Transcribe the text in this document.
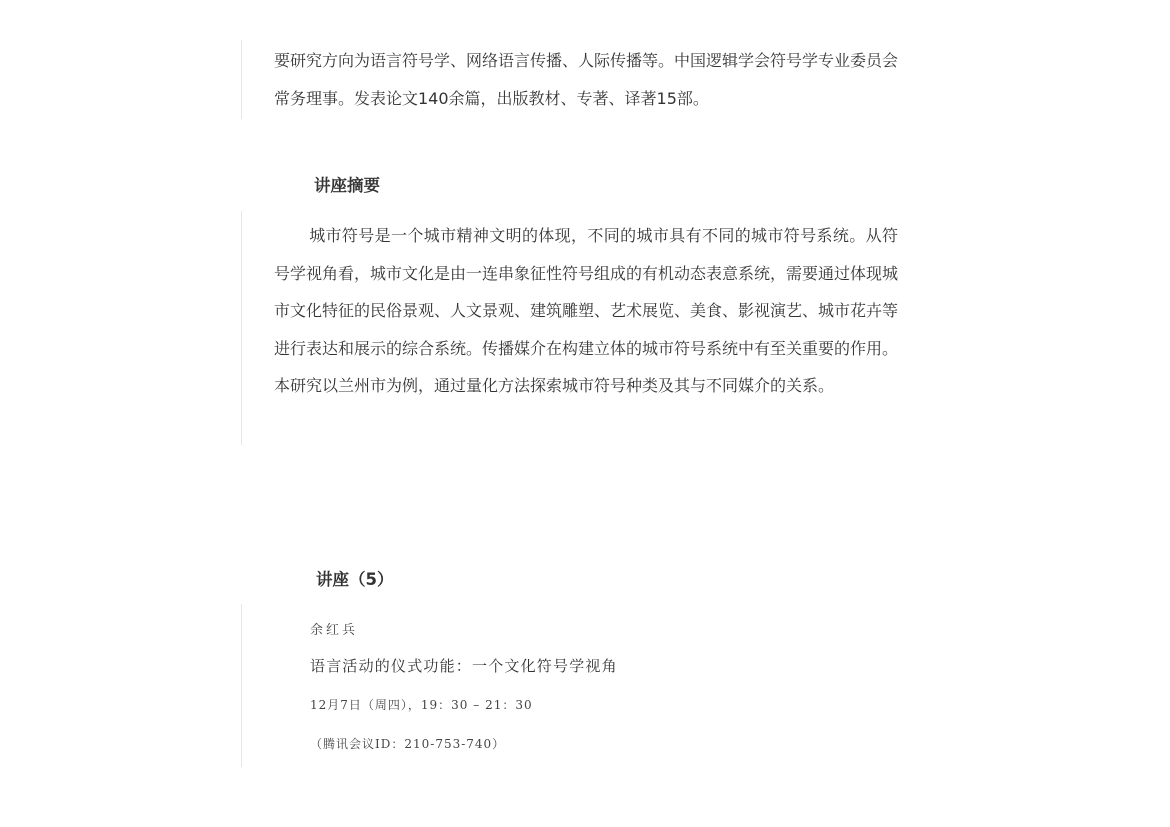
要研究方向为语言符号学、网络语言传播、人际传播等。中国逻辑学会符号学专业委员会常务理事。发表论文140余篇，出版教材、专著、译著15部。

讲座摘要

城市符号是一个城市精神文明的体现，不同的城市具有不同的城市符号系统。从符号学视角看，城市文化是由一连串象征性符号组成的有机动态表意系统，需要通过体现城市文化特征的民俗景观、人文景观、建筑雕塑、艺术展览、美食、影视演艺、城市花卉等进行表达和展示的综合系统。传播媒介在构建立体的城市符号系统中有至关重要的作用。本研究以兰州市为例，通过量化方法探索城市符号种类及其与不同媒介的关系。

讲座（5）
余红兵
语言活动的仪式功能：一个文化符号学视角
12月7日（周四），19：30 – 21：30
（腾讯会议ID：210-753-740）
